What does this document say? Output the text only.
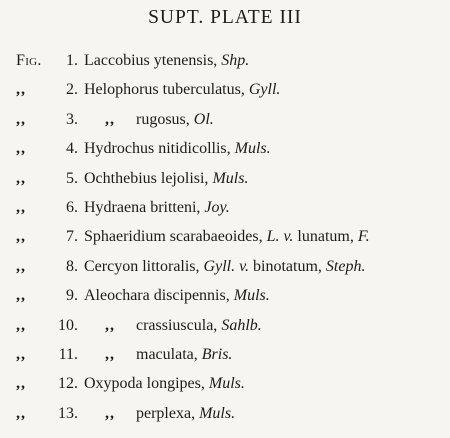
SUPT. PLATE III
Fig.	1. Laccobius ytenensis, Shp.
,,	2. Helophorus tuberculatus, Gyll.
,,	3.	,, rugosus, Ol.
,,	4. Hydrochus nitidicollis, Muls.
,,	5. Ochthebius lejolisi, Muls.
,,	6. Hydraena britteni, Joy.
,,	7. Sphaeridium scarabaeoides, L. v. lunatum, F.
,,	8. Cercyon littoralis, Gyll. v. binotatum, Steph.
,,	9. Aleochara discipennis, Muls.
,,	10.	,, crassiuscula, Sahlb.
,,	11.	,, maculata, Bris.
,,	12. Oxypoda longipes, Muls.
,,	13.	,, perplexa, Muls.
